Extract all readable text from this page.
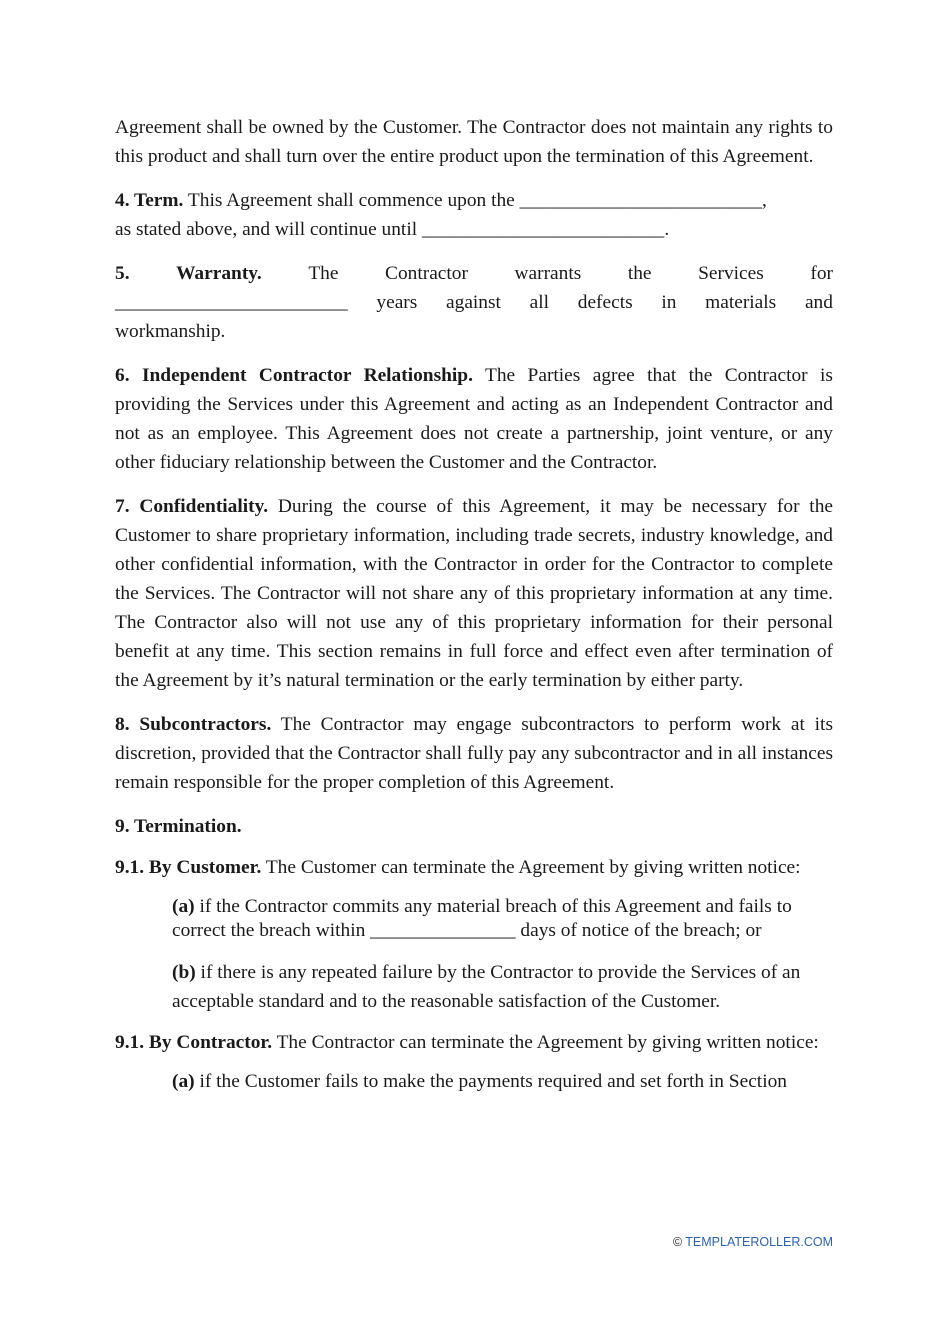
Agreement shall be owned by the Customer. The Contractor does not maintain any rights to this product and shall turn over the entire product upon the termination of this Agreement.

4. Term. This Agreement shall commence upon the _________________________,
as stated above, and will continue until _________________________.

5. Warranty. The Contractor warrants the Services for
________________________ years against all defects in materials and
workmanship.

6. Independent Contractor Relationship. The Parties agree that the Contractor is providing the Services under this Agreement and acting as an Independent Contractor and not as an employee. This Agreement does not create a partnership, joint venture, or any other fiduciary relationship between the Customer and the Contractor.

7. Confidentiality. During the course of this Agreement, it may be necessary for the Customer to share proprietary information, including trade secrets, industry knowledge, and other confidential information, with the Contractor in order for the Contractor to complete the Services. The Contractor will not share any of this proprietary information at any time. The Contractor also will not use any of this proprietary information for their personal benefit at any time. This section remains in full force and effect even after termination of the Agreement by it’s natural termination or the early termination by either party.

8. Subcontractors. The Contractor may engage subcontractors to perform work at its discretion, provided that the Contractor shall fully pay any subcontractor and in all instances remain responsible for the proper completion of this Agreement.

9. Termination.

9.1. By Customer. The Customer can terminate the Agreement by giving written notice:

(a) if the Contractor commits any material breach of this Agreement and fails to correct the breach within _______________ days of notice of the breach; or

(b) if there is any repeated failure by the Contractor to provide the Services of an acceptable standard and to the reasonable satisfaction of the Customer.

9.1. By Contractor. The Contractor can terminate the Agreement by giving written notice:

(a) if the Customer fails to make the payments required and set forth in Section

© TEMPLATEROLLER.COM
